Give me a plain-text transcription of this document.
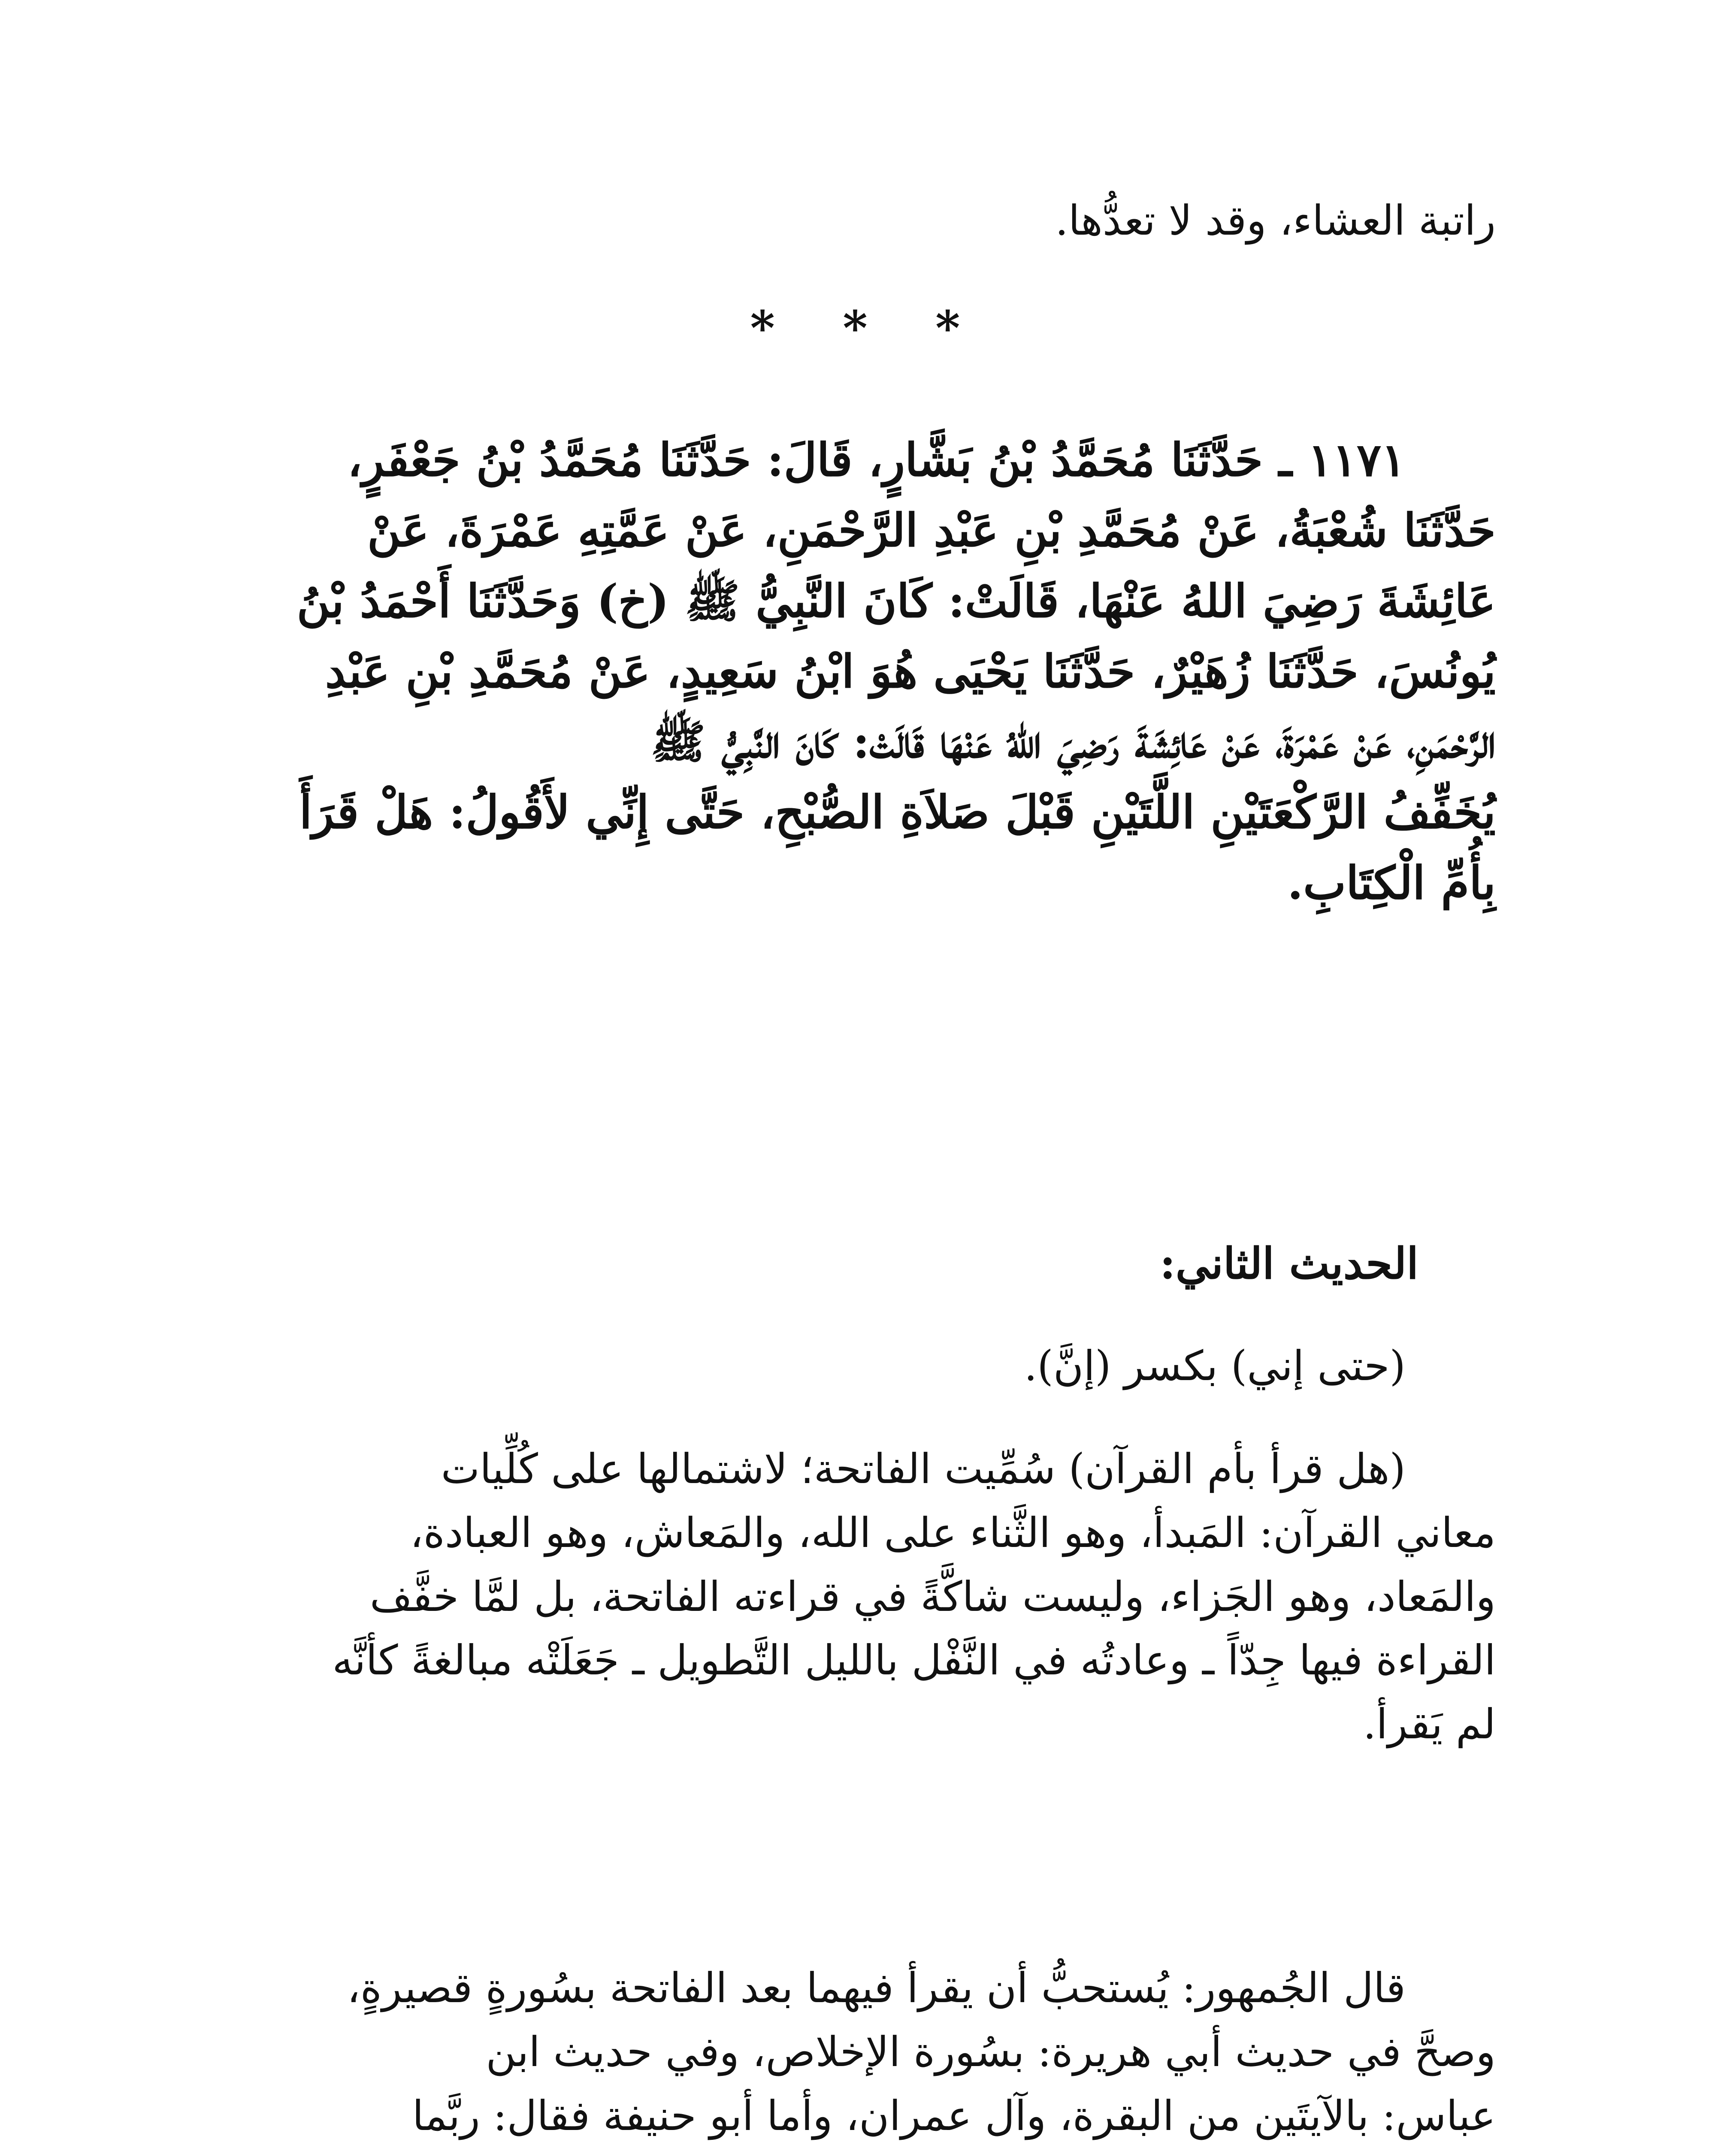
راتبة العشاء، وقد لا تعدُّها.

* * *
١١٧١ ـ حَدَّثَنَا مُحَمَّدُ بْنُ بَشَّارٍ، قَالَ: حَدَّثَنَا مُحَمَّدُ بْنُ جَعْفَرٍ،
حَدَّثَنَا شُعْبَةُ، عَنْ مُحَمَّدِ بْنِ عَبْدِ الرَّحْمَنِ، عَنْ عَمَّتِهِ عَمْرَةَ، عَنْ
عَائِشَةَ رَضِيَ اللهُ عَنْهَا، قَالَتْ: كَانَ النَّبِيُّ ﷺ (خ) وَحَدَّثَنَا أَحْمَدُ بْنُ
يُونُسَ، حَدَّثَنَا زُهَيْرٌ، حَدَّثَنَا يَحْيَى هُوَ ابْنُ سَعِيدٍ، عَنْ مُحَمَّدِ بْنِ عَبْدِ
الرَّحْمَنِ، عَنْ عَمْرَةَ، عَنْ عَائِشَةَ رَضِيَ اللهُ عَنْهَا قَالَتْ: كَانَ النَّبِيُّ ﷺ
يُخَفِّفُ الرَّكْعَتَيْنِ اللَّتَيْنِ قَبْلَ صَلاَةِ الصُّبْحِ، حَتَّى إِنِّي لأَقُولُ: هَلْ قَرَأَ
بِأُمِّ الْكِتَابِ.

الحديث الثاني:

(حتى إني) بكسر (إنَّ).
(هل قرأ بأم القرآن) سُمِّيت الفاتحة؛ لاشتمالها على كُلِّيات
معاني القرآن: المَبدأ، وهو الثَّناء على الله، والمَعاش، وهو العبادة،
والمَعاد، وهو الجَزاء، وليست شاكَّةً في قراءته الفاتحة، بل لمَّا خفَّف
القراءة فيها جِدّاً ـ وعادتُه في النَّفْل بالليل التَّطويل ـ جَعَلَتْه مبالغةً كأنَّه
لم يَقرأ.
قال الجُمهور: يُستحبُّ أن يقرأ فيهما بعد الفاتحة بسُورةٍ قصيرةٍ،
وصحَّ في حديث أبي هريرة: بسُورة الإخلاص، وفي حديث ابن
عباس: بالآيتَين من البقرة، وآل عمران، وأما أبو حنيفة فقال: ربَّما
